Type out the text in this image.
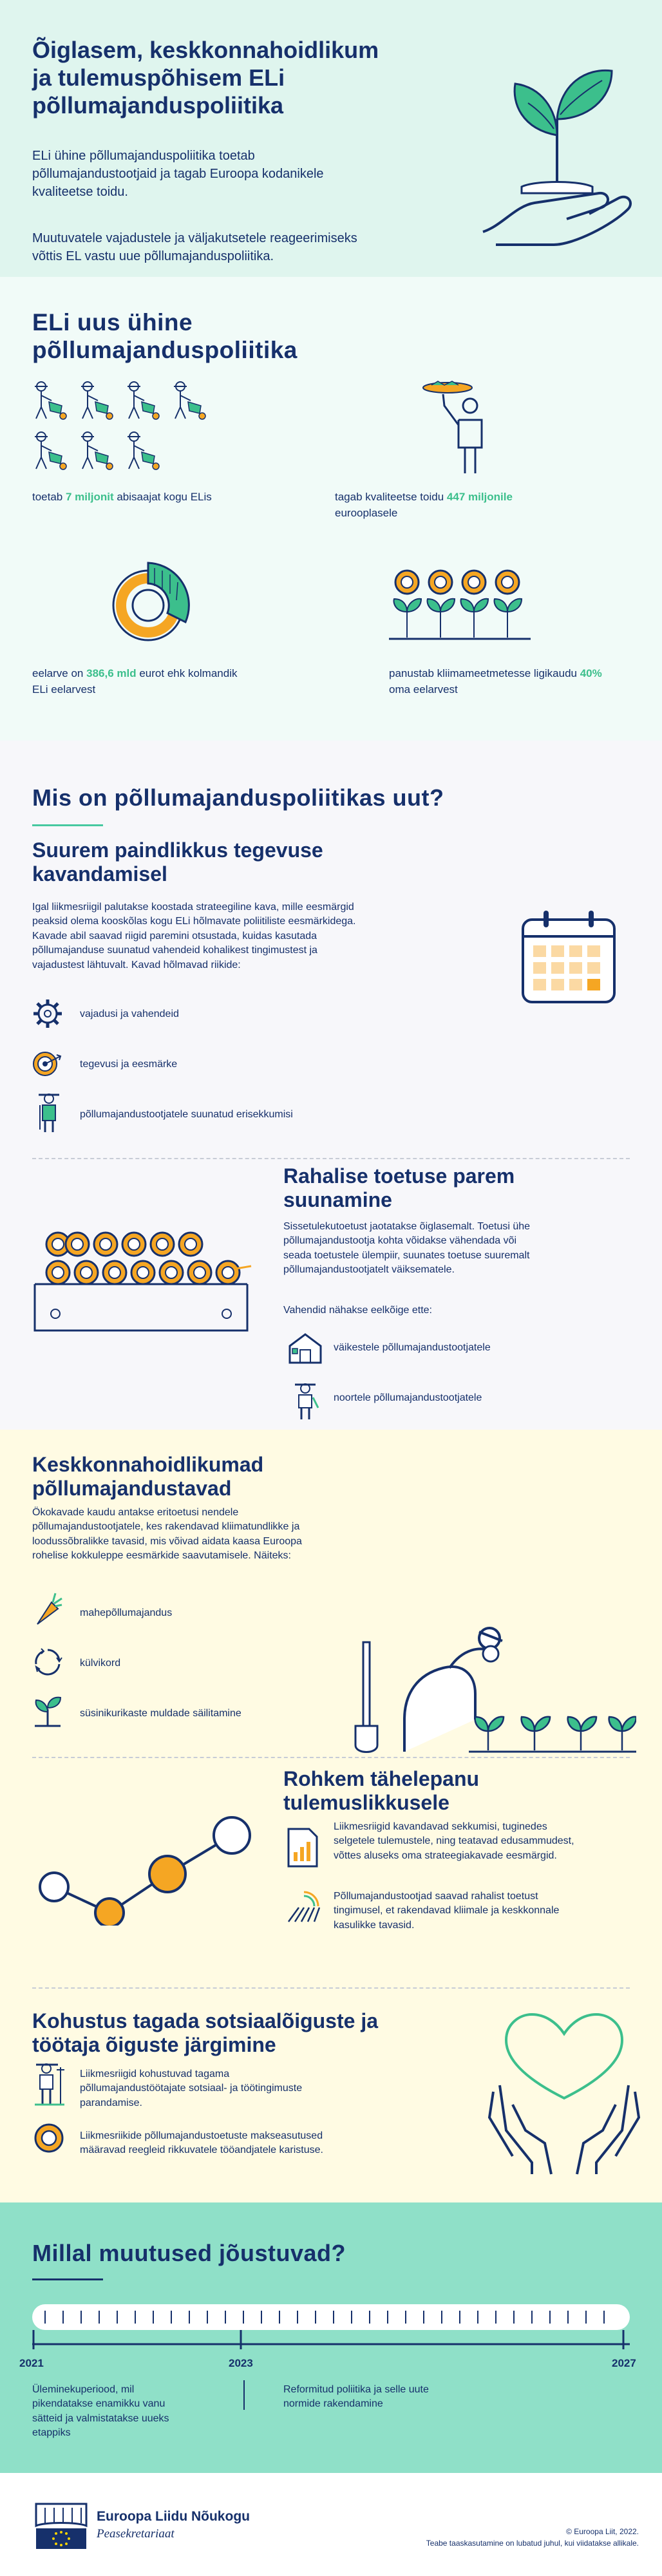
Õiglasem, keskkonnahoidlikum
ja tulemuspõhisem ELi
põllumajanduspoliitika
ELi ühine põllumajanduspoliitika toetab
põllumajandustootjaid ja tagab Euroopa kodanikele
kvaliteetse toidu.
Muutuvatele vajadustele ja väljakutsetele reageerimiseks
võttis EL vastu uue põllumajanduspoliitika.
ELi uus ühine
põllumajanduspoliitika
toetab 7 miljonit abisaajat kogu ELis	tagab kvaliteetse toidu 447 miljonile
eurooplasele
eelarve on 386,6 mld eurot ehk kolmandik
ELi eelarvest
panustab kliimameetmetesse ligikaudu 40%
oma eelarvest
Mis on põllumajanduspoliitikas uut?
Suurem paindlikkus tegevuse
kavandamisel
Igal liikmesriigil palutakse koostada strateegiline kava, mille eesmärgid
peaksid olema kooskõlas kogu ELi hõlmavate poliitiliste eesmärkidega.
Kavade abil saavad riigid paremini otsustada, kuidas kasutada
põllumajanduse suunatud vahendeid kohalikest tingimustest ja
vajadustest lähtuvalt. Kavad hõlmavad riikide:
vajadusi ja vahendeid
tegevusi ja eesmärke
põllumajandustootjatele suunatud erisekkumisi
Rahalise toetuse parem
suunamine
Sissetulekutoetust jaotatakse õiglasemalt. Toetusi ühe
põllumajandustootja kohta võidakse vähendada või
seada toetustele ülempiir, suunates toetuse suuremalt
põllumajandustootjatelt väiksematele.
Vahendid nähakse eelkõige ette:
väikestele põllumajandustootjatele
noortele põllumajandustootjatele
Keskkonnahoidlikumad
põllumajandustavad
Ökokavade kaudu antakse eritoetusi nendele
põllumajandustootjatele, kes rakendavad kliimatundlikke ja
loodussõbralikke tavasid, mis võivad aidata kaasa Euroopa
rohelise kokkuleppe eesmärkide saavutamisele. Näiteks:
mahepõllumajandus
külvikord
süsinikurikaste muldade säilitamine
Rohkem tähelepanu
tulemuslikkusele
Liikmesriigid kavandavad sekkumisi, tuginedes
selgetele tulemustele, ning teatavad edusammudest,
võttes aluseks oma strateegiakavade eesmärgid.
Põllumajandustootjad saavad rahalist toetust
tingimusel, et rakendavad kliimale ja keskkonnale
kasulikke tavasid.
Kohustus tagada sotsiaalõiguste ja
töötaja õiguste järgimine
Liikmesriigid kohustuvad tagama
põllumajandustöötajate sotsiaal- ja töötingimuste
parandamise.
Liikmesriikide põllumajandustoetuste makseasutused
määravad reegleid rikkuvatele tööandjatele karistuse.
Millal muutused jõustuvad?
2021	2023	2027
Üleminekuperiood, mil
pikendatakse enamikku vanu
sätteid ja valmistatakse uueks
etappiks
Reformitud poliitika ja selle uute
normide rakendamine
Euroopa Liidu Nõukogu
Peasekretariaat	© Euroopa Liit, 2022.
Teabe taaskasutamine on lubatud juhul, kui viidatakse allikale.
